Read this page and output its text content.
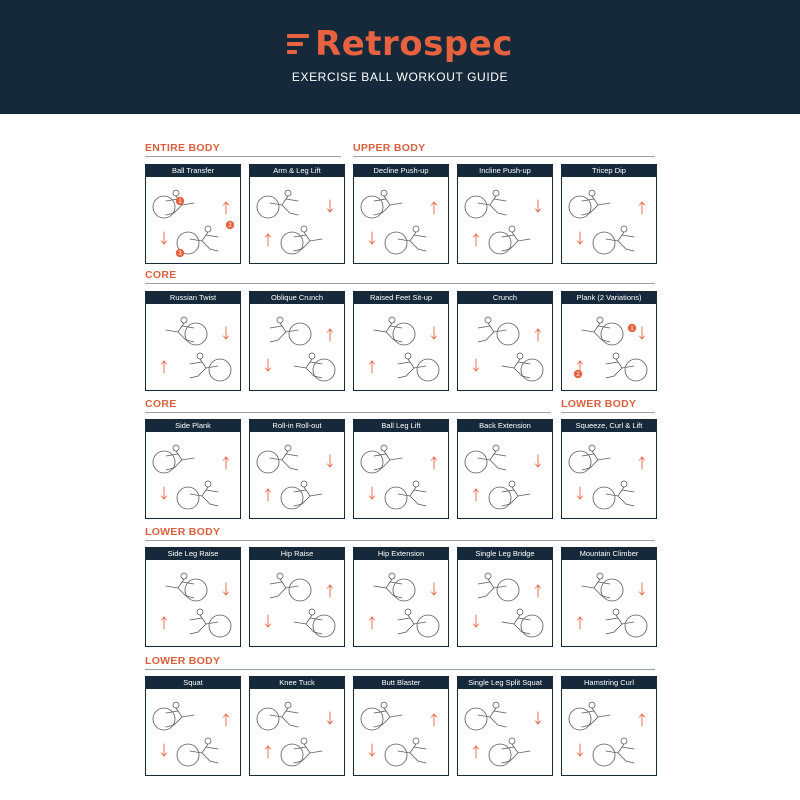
Retrospec
EXERCISE BALL WORKOUT GUIDE
ENTIRE BODY	UPPER BODY
CORE
CORE	LOWER BODY
LOWER BODY
LOWER BODY
Ball Transfer
1
2
3
Arm & Leg Lift	Decline Push-up	Incline Push-up	Tricep Dip
Russian Twist	Oblique Crunch	Raised Feet Sit-up	Crunch	Plank (2 Variations)
1
2
Side Plank	Roll-in Roll-out	Ball Leg Lift	Back Extension	Squeeze, Curl & Lift
Side Leg Raise	Hip Raise	Hip Extension	Single Leg Bridge	Mountain Climber
Squat	Knee Tuck	Butt Blaster	Single Leg Split Squat	Hamstring Curl
